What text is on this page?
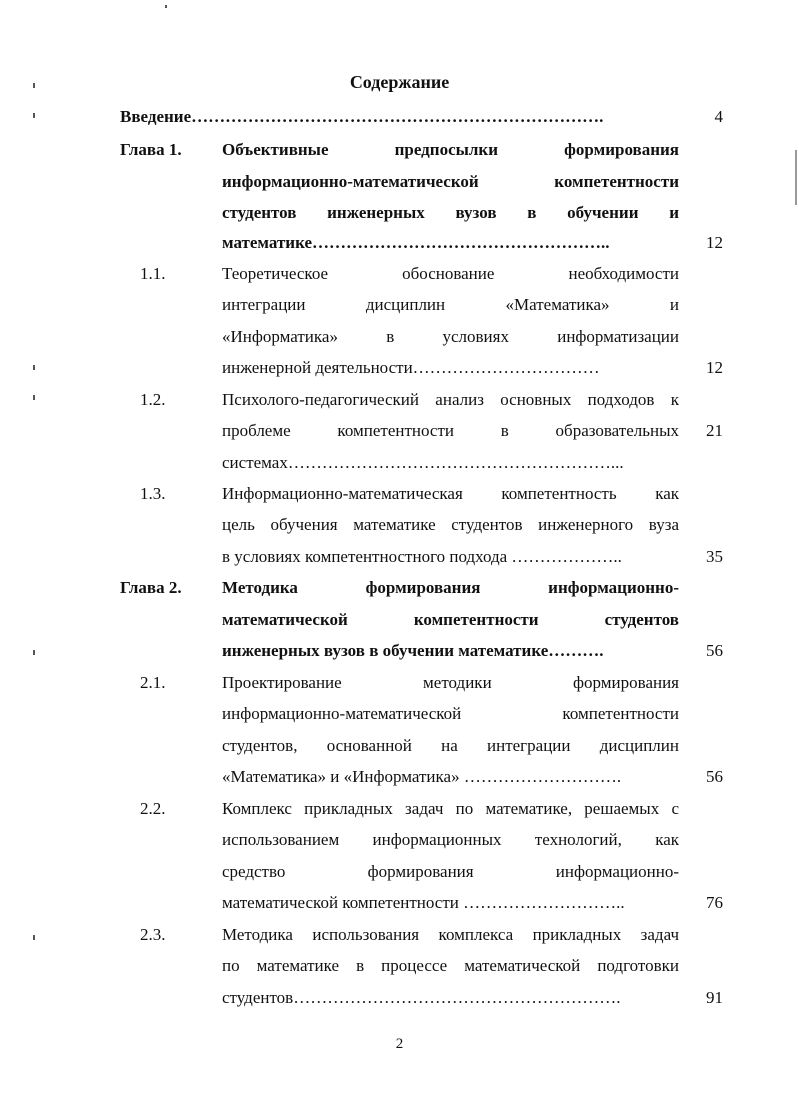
Содержание
Введение……………………………………………………………….	4
Глава 1. Объективные предпосылки формирования
информационно-математической компетентности
студентов инженерных вузов в обучении и
математике……………………………………………..	12
1.1.	Теоретическое обоснование необходимости
интеграции дисциплин «Математика» и
«Информатика» в условиях информатизации
инженерной деятельности……………………………	12
1.2.	Психолого-педагогический анализ основных подходов к
проблеме компетентности в образовательных	21
системах…………………………………………………...
1.3.	Информационно-математическая компетентность как
цель обучения математике студентов инженерного вуза
в условиях компетентностного подхода ………………..	35
Глава 2. Методика формирования информационно-
математической компетентности студентов
инженерных вузов в обучении математике……….	56
2.1.	Проектирование методики формирования
информационно-математической компетентности
студентов, основанной на интеграции дисциплин
«Математика» и «Информатика» ……………………….	56
2.2.	Комплекс прикладных задач по математике, решаемых с
использованием информационных технологий, как
средство формирования информационно-
математической компетентности ………………………..	76
2.3.	Методика использования комплекса прикладных задач
по математике в процессе математической подготовки
студентов………………………………………………….	91
2
